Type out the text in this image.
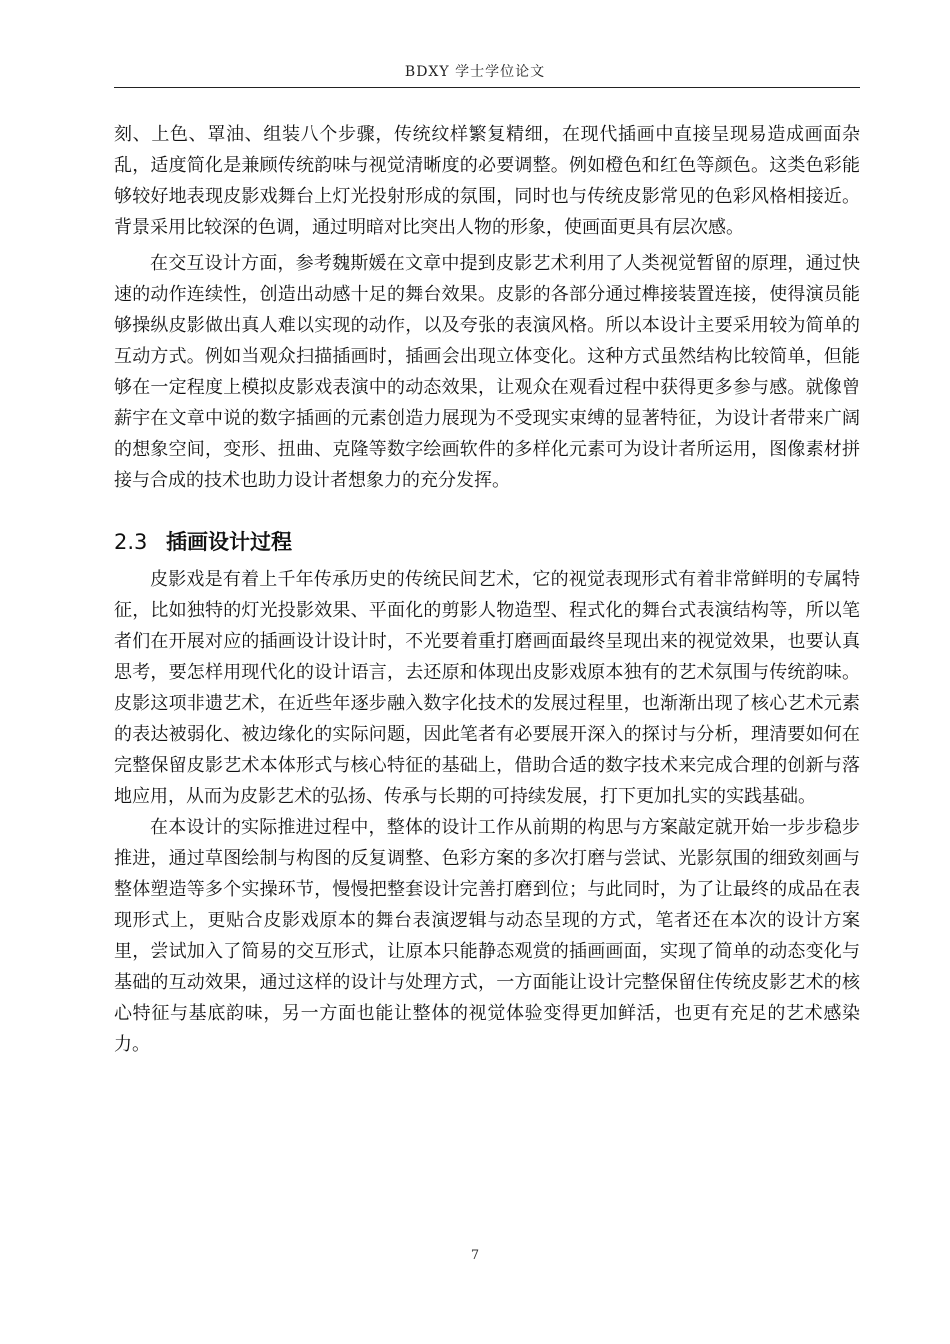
BDXY 学士学位论文

刻、上色、罩油、组装八个步骤，传统纹样繁复精细，在现代插画中直接呈现易造成画面杂乱，适度简化是兼顾传统韵味与视觉清晰度的必要调整。例如橙色和红色等颜色。这类色彩能够较好地表现皮影戏舞台上灯光投射形成的氛围，同时也与传统皮影常见的色彩风格相接近。背景采用比较深的色调，通过明暗对比突出人物的形象，使画面更具有层次感。

在交互设计方面，参考魏斯媛在文章中提到皮影艺术利用了人类视觉暂留的原理，通过快速的动作连续性，创造出动感十足的舞台效果。皮影的各部分通过榫接装置连接，使得演员能够操纵皮影做出真人难以实现的动作，以及夸张的表演风格。所以本设计主要采用较为简单的互动方式。例如当观众扫描插画时，插画会出现立体变化。这种方式虽然结构比较简单，但能够在一定程度上模拟皮影戏表演中的动态效果，让观众在观看过程中获得更多参与感。就像曾薪宇在文章中说的数字插画的元素创造力展现为不受现实束缚的显著特征，为设计者带来广阔的想象空间，变形、扭曲、克隆等数字绘画软件的多样化元素可为设计者所运用，图像素材拼接与合成的技术也助力设计者想象力的充分发挥。

2.3 插画设计过程

皮影戏是有着上千年传承历史的传统民间艺术，它的视觉表现形式有着非常鲜明的专属特征，比如独特的灯光投影效果、平面化的剪影人物造型、程式化的舞台式表演结构等，所以笔者们在开展对应的插画设计设计时，不光要着重打磨画面最终呈现出来的视觉效果，也要认真思考，要怎样用现代化的设计语言，去还原和体现出皮影戏原本独有的艺术氛围与传统韵味。皮影这项非遗艺术，在近些年逐步融入数字化技术的发展过程里，也渐渐出现了核心艺术元素的表达被弱化、被边缘化的实际问题，因此笔者有必要展开深入的探讨与分析，理清要如何在完整保留皮影艺术本体形式与核心特征的基础上，借助合适的数字技术来完成合理的创新与落地应用，从而为皮影艺术的弘扬、传承与长期的可持续发展，打下更加扎实的实践基础。

在本设计的实际推进过程中，整体的设计工作从前期的构思与方案敲定就开始一步步稳步推进，通过草图绘制与构图的反复调整、色彩方案的多次打磨与尝试、光影氛围的细致刻画与整体塑造等多个实操环节，慢慢把整套设计完善打磨到位；与此同时，为了让最终的成品在表现形式上，更贴合皮影戏原本的舞台表演逻辑与动态呈现的方式，笔者还在本次的设计方案里，尝试加入了简易的交互形式，让原本只能静态观赏的插画画面，实现了简单的动态变化与基础的互动效果，通过这样的设计与处理方式，一方面能让设计完整保留住传统皮影艺术的核心特征与基底韵味，另一方面也能让整体的视觉体验变得更加鲜活，也更有充足的艺术感染力。

7
